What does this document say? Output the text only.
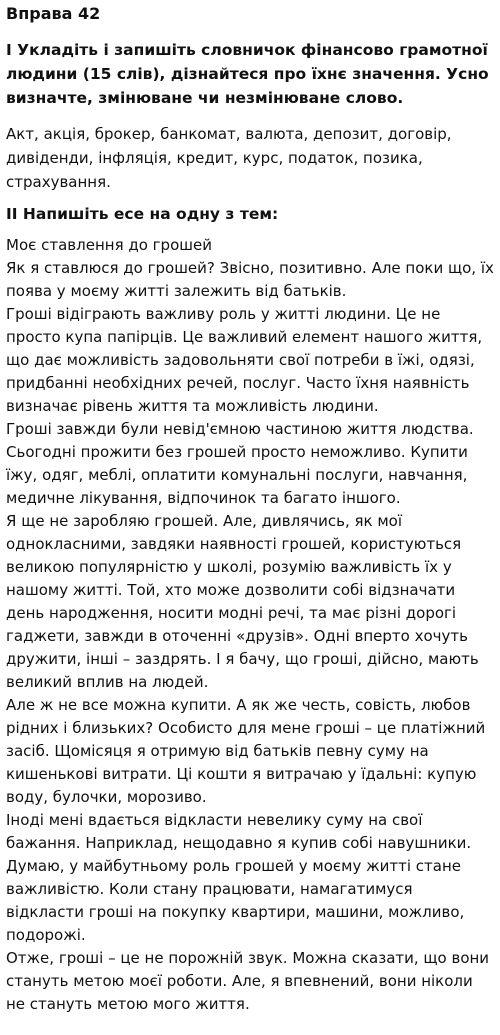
Вправа 42
I Укладіть і запишіть словничок фінансово грамотної людини (15 слів), дізнайтеся про їхнє значення. Усно визначте, змінюване чи незмінюване слово.
Акт, акція, брокер, банкомат, валюта, депозит, договір, дивіденди, інфляція, кредит, курс, податок, позика, страхування.
II Напишіть есе на одну з тем:
Моє ставлення до грошей
Як я ставлюся до грошей? Звісно, позитивно. Але поки що, їх поява у моєму житті залежить від батьків.
Гроші відіграють важливу роль у житті людини. Це не просто купа папірців. Це важливий елемент нашого життя, що дає можливість задовольняти свої потреби в їжі, одязі, придбанні необхідних речей, послуг. Часто їхня наявність визначає рівень життя та можливість людини.
Гроші завжди були невід'ємною частиною життя людства. Сьогодні прожити без грошей просто неможливо. Купити їжу, одяг, меблі, оплатити комунальні послуги, навчання, медичне лікування, відпочинок та багато іншого.
Я ще не заробляю грошей. Але, дивлячись, як мої однокласними, завдяки наявності грошей, користуються великою популярністю у школі, розумію важливість їх у нашому житті. Той, хто може дозволити собі відзначати день народження, носити модні речі, та має різні дорогі гаджети, завжди в оточенні «друзів». Одні вперто хочуть дружити, інші – заздрять. І я бачу, що гроші, дійсно, мають великий вплив на людей.
Але ж не все можна купити. А як же честь, совість, любов рідних і близьких? Особисто для мене гроші – це платіжний засіб. Щомісяця я отримую від батьків певну суму на кишенькові витрати. Ці кошти я витрачаю у їдальні: купую воду, булочки, морозиво.
Іноді мені вдається відкласти невелику суму на свої бажання. Наприклад, нещодавно я купив собі навушники.
Думаю, у майбутньому роль грошей у моєму житті стане важливістю. Коли стану працювати, намагатимуся відкласти гроші на покупку квартири, машини, можливо, подорожі.
Отже, гроші – це не порожній звук. Можна сказати, що вони стануть метою моєї роботи. Але, я впевнений, вони ніколи не стануть метою мого життя.
